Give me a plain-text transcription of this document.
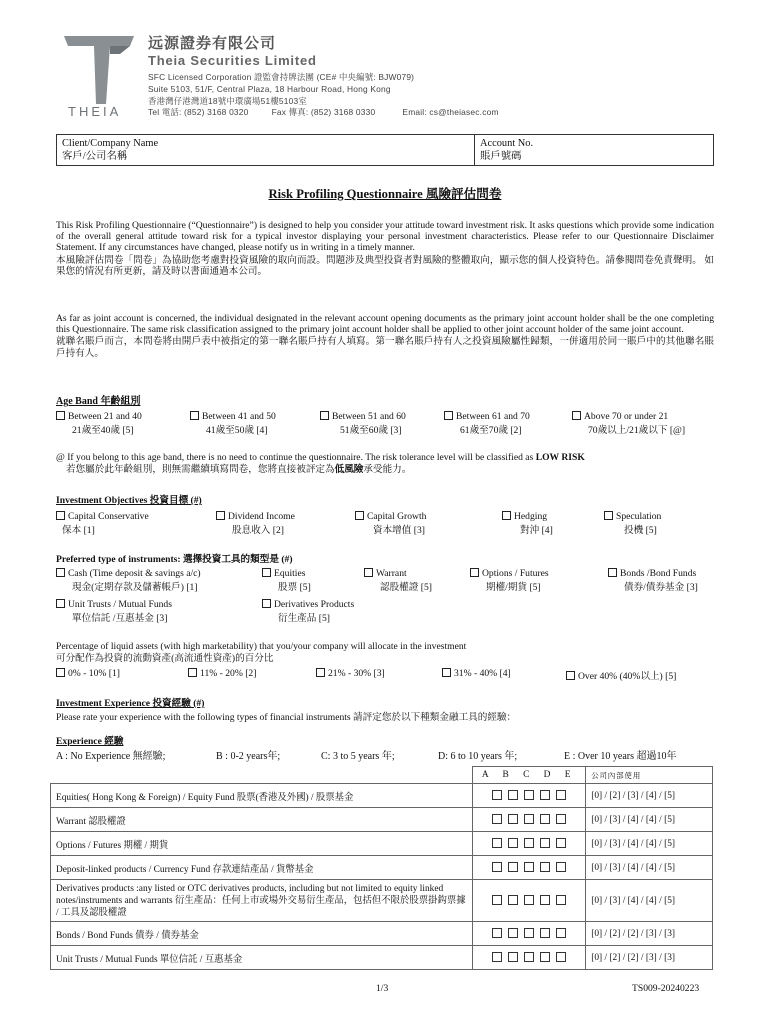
THEIA
远源證券有限公司
Theia Securities Limited
SFC Licensed Corporation 證監會持牌法團 (CE# 中央編號: BJW079)
Suite 5103, 51/F, Central Plaza, 18 Harbour Road, Hong Kong
香港灣仔港灣道18號中環廣場51樓5103室
Tel 電話: (852) 3168 0320	Fax 傳真: (852) 3168 0330	Email: cs@theiasec.com
Client/Company Name
客戶/公司名稱
Account No.
賬戶號碼
Risk Profiling Questionnaire 風險評估問卷
This Risk Profiling Questionnaire (“Questionnaire”) is designed to help you consider your attitude toward investment risk. It asks questions which provide some indication of the overall general attitude toward risk for a typical investor displaying your personal investment characteristics. Please refer to our Questionnaire Disclaimer Statement. If any circumstances have changed, please notify us in writing in a timely manner.
本風險評估問卷「問卷」為協助您考慮對投資風險的取向而設。問題涉及典型投資者對風險的整體取向，顯示您的個人投資特色。請參閱問卷免責聲明。 如果您的情況有所更新，請及時以書面通過本公司。
As far as joint account is concerned, the individual designated in the relevant account opening documents as the primary joint account holder shall be the one completing this Questionnaire. The same risk classification assigned to the primary joint account holder shall be applied to other joint account holder of the same joint account.
就聯名賬戶而言，本問卷將由開戶表中被指定的第一聯名賬戶持有人填寫。第一聯名賬戶持有人之投資風險屬性歸類，一併適用於同一賬戶中的其他聯名賬戶持有人。
Age Band 年齡組別
Between 21 and 40
21歲至40歲 [5]
Between 41 and 50
41歲至50歲 [4]
Between 51 and 60
51歲至60歲 [3]
Between 61 and 70
61歲至70歲 [2]
Above 70 or under 21
70歲以上/21歲以下 [@]
@ If you belong to this age band, there is no need to continue the questionnaire. The risk tolerance level will be classified as LOW RISK
若您屬於此年齡組別，則無需繼續填寫問卷，您將直接被評定為低風險承受能力。
Investment Objectives 投資目標 (#)
Capital Conservative
保本 [1]
Dividend Income
股息收入 [2]
Capital Growth
資本增值 [3]
Hedging
對沖 [4]
Speculation
投機 [5]
Preferred type of instruments: 選擇投資工具的類型是 (#)
Cash (Time deposit & savings a/c)
現金(定期存款及儲蓄帳戶) [1]
Equities
股票 [5]
Warrant
認股權證 [5]
Options / Futures
期權/期貨 [5]
Bonds /Bond Funds
債券/債券基金 [3]
Unit Trusts / Mutual Funds
單位信託 /互惠基金 [3]
Derivatives Products
衍生產品 [5]
Percentage of liquid assets (with high marketability) that you/your company will allocate in the investment
可分配作為投資的流動資產(高流通性資產)的百分比
0% - 10% [1]	11% - 20% [2]	21% - 30% [3]	31% - 40% [4]	Over 40% (40%以上) [5]
Investment Experience 投資經驗 (#)
Please rate your experience with the following types of financial instruments 請評定您於以下種類金融工具的經驗：
Experience 經驗
A : No Experience 無經驗;	B : 0-2 years年;	C: 3 to 5 years 年;	D: 6 to 10 years 年;	E : Over 10 years 超過10年
	A B C D E	公司內部使用
Equities( Hong Kong & Foreign) / Equity Fund 股票(香港及外國) / 股票基金		[0] / [2] / [3] / [4] / [5]
Warrant 認股權證		[0] / [3] / [4] / [4] / [5]
Options / Futures 期權 / 期貨		[0] / [3] / [4] / [4] / [5]
Deposit-linked products / Currency Fund 存款連結產品 / 貨幣基金		[0] / [3] / [4] / [4] / [5]
Derivatives products :any listed or OTC derivatives products, including but not limited to equity linked notes/instruments and warrants 衍生產品：任何上市或場外交易衍生產品，包括但不限於股票掛鈎票據 / 工具及認股權證		[0] / [3] / [4] / [4] / [5]
Bonds / Bond Funds 債券 / 債券基金		[0] / [2] / [2] / [3] / [3]
Unit Trusts / Mutual Funds 單位信託 / 互惠基金		[0] / [2] / [2] / [3] / [3]
1/3	TS009-20240223
